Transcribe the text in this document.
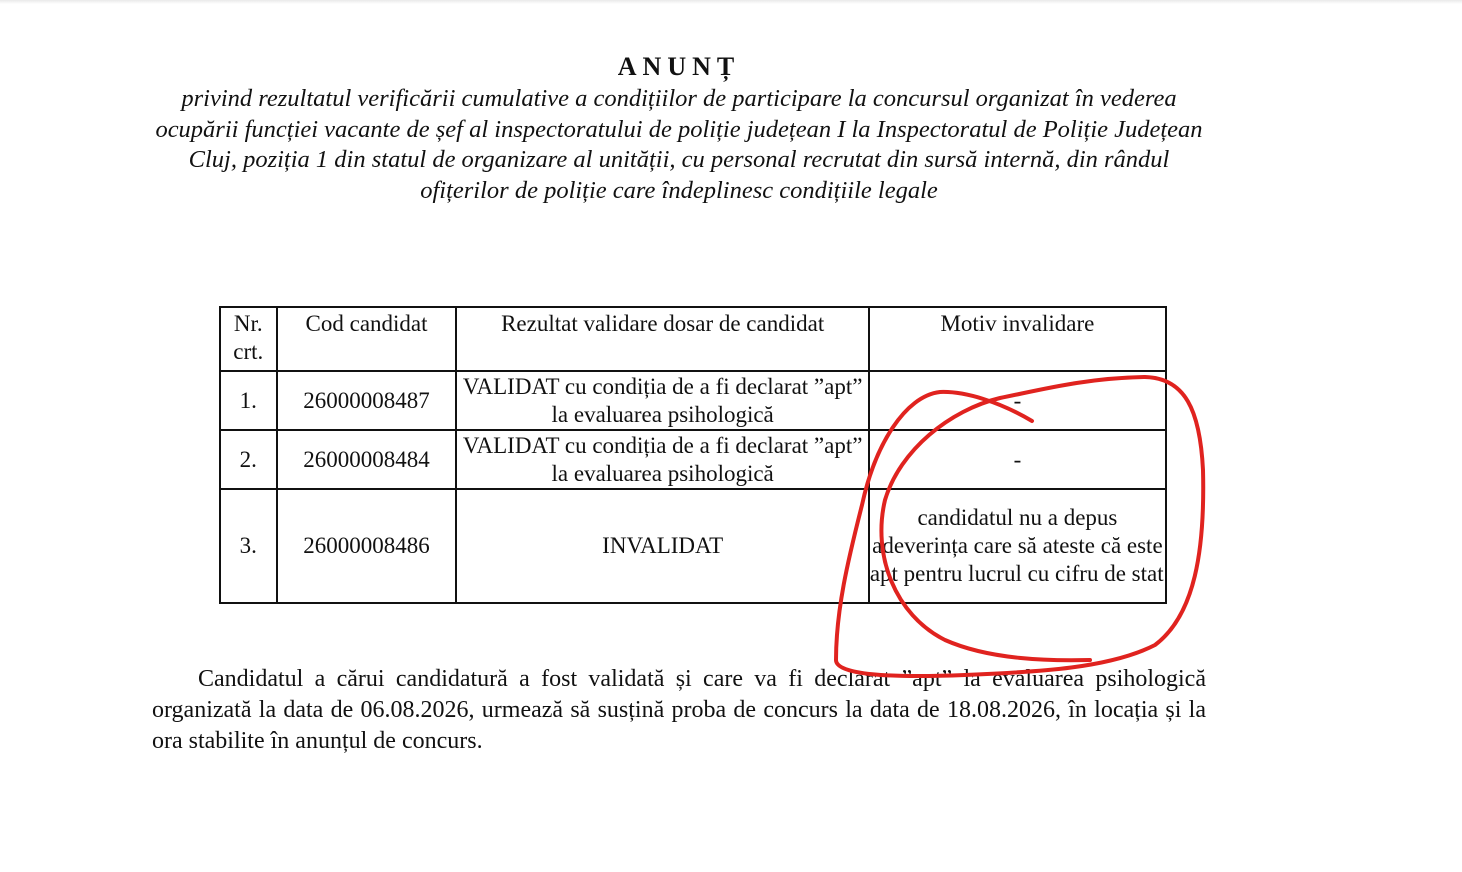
ANUNȚ
privind rezultatul verificării cumulative a condițiilor de participare la concursul organizat în vederea ocupării funcției vacante de șef al inspectoratului de poliție județean I la Inspectoratul de Poliție Județean Cluj, poziția 1 din statul de organizare al unității, cu personal recrutat din sursă internă, din rândul ofițerilor de poliție care îndeplinesc condițiile legale
Nr. crt.	Cod candidat	Rezultat validare dosar de candidat	Motiv invalidare
1.	26000008487	VALIDAT cu condiția de a fi declarat ”apt” la evaluarea psihologică	-
2.	26000008484	VALIDAT cu condiția de a fi declarat ”apt” la evaluarea psihologică	-
3.	26000008486	INVALIDAT	candidatul nu a depus adeverința care să ateste că este apt pentru lucrul cu cifru de stat
Candidatul a cărui candidatură a fost validată și care va fi declarat ”apt” la evaluarea psihologică organizată la data de 06.08.2026, urmează să susțină proba de concurs la data de 18.08.2026, în locația și la ora stabilite în anunțul de concurs.
